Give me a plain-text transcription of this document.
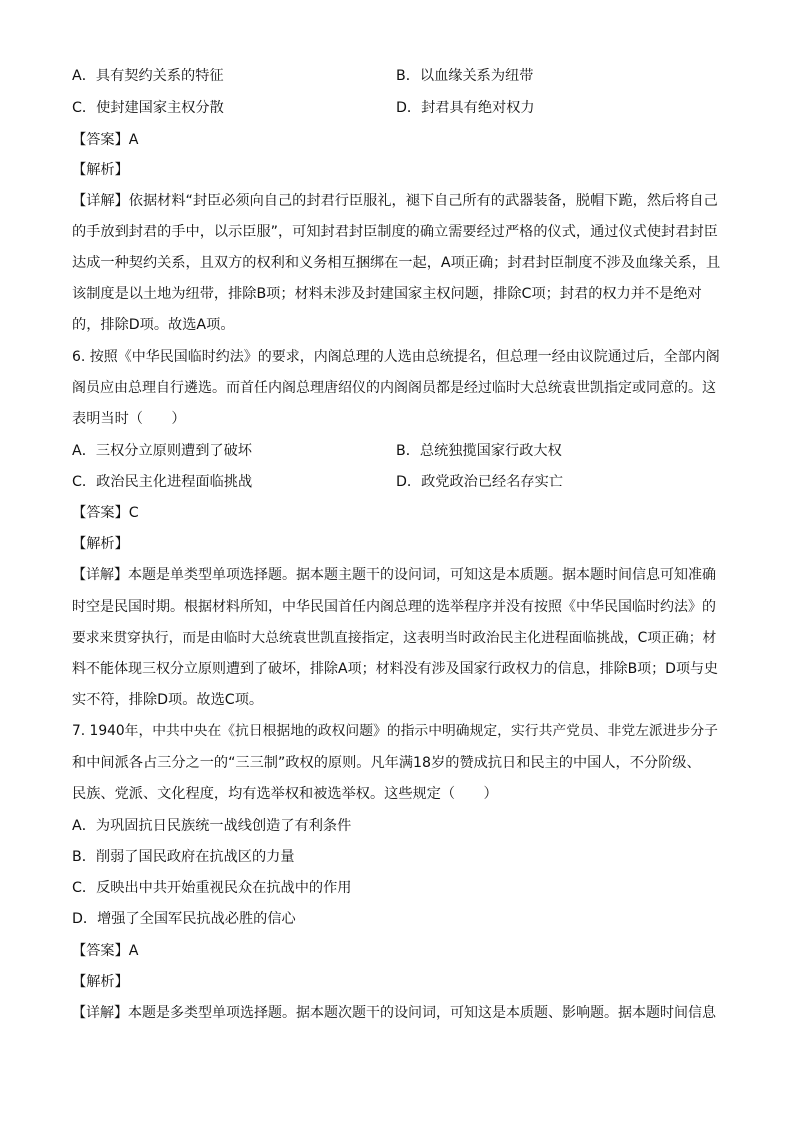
A．具有契约关系的特征	B．以血缘关系为纽带
C．使封建国家主权分散	D．封君具有绝对权力
【答案】A
【解析】
【详解】依据材料“封臣必须向自己的封君行臣服礼，褪下自己所有的武器装备，脱帽下跪，然后将自己
的手放到封君的手中，以示臣服”，可知封君封臣制度的确立需要经过严格的仪式，通过仪式使封君封臣
达成一种契约关系，且双方的权利和义务相互捆绑在一起，A项正确；封君封臣制度不涉及血缘关系，且
该制度是以土地为纽带，排除B项；材料未涉及封建国家主权问题，排除C项；封君的权力并不是绝对
的，排除D项。故选A项。
6. 按照《中华民国临时约法》的要求，内阁总理的人选由总统提名，但总理一经由议院通过后，全部内阁
阁员应由总理自行遴选。而首任内阁总理唐绍仪的内阁阁员都是经过临时大总统袁世凯指定或同意的。这
表明当时（　　）
A．三权分立原则遭到了破坏	B．总统独揽国家行政大权
C．政治民主化进程面临挑战	D．政党政治已经名存实亡
【答案】C
【解析】
【详解】本题是单类型单项选择题。据本题主题干的设问词，可知这是本质题。据本题时间信息可知准确
时空是民国时期。根据材料所知，中华民国首任内阁总理的选举程序并没有按照《中华民国临时约法》的
要求来贯穿执行，而是由临时大总统袁世凯直接指定，这表明当时政治民主化进程面临挑战，C项正确；材
料不能体现三权分立原则遭到了破坏，排除A项；材料没有涉及国家行政权力的信息，排除B项；D项与史
实不符，排除D项。故选C项。
7. 1940年，中共中央在《抗日根据地的政权问题》的指示中明确规定，实行共产党员、非党左派进步分子
和中间派各占三分之一的“三三制”政权的原则。凡年满18岁的赞成抗日和民主的中国人，不分阶级、
民族、党派、文化程度，均有选举权和被选举权。这些规定（　　）
A．为巩固抗日民族统一战线创造了有利条件
B．削弱了国民政府在抗战区的力量
C．反映出中共开始重视民众在抗战中的作用
D．增强了全国军民抗战必胜的信心
【答案】A
【解析】
【详解】本题是多类型单项选择题。据本题次题干的设问词，可知这是本质题、影响题。据本题时间信息
